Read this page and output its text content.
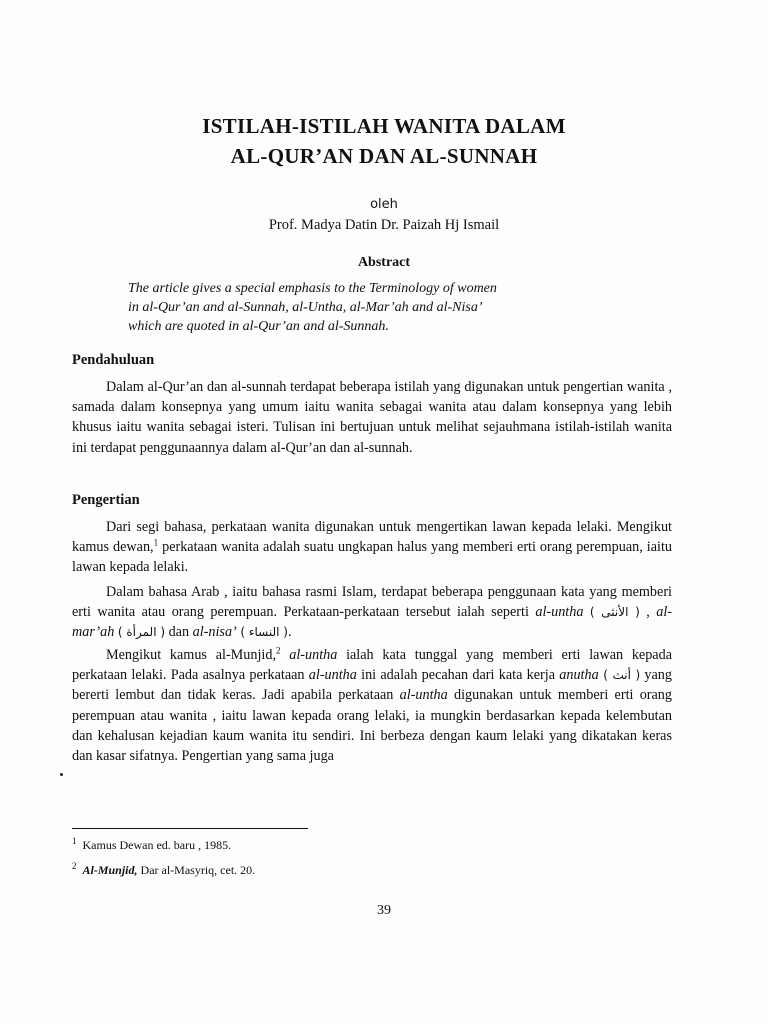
ISTILAH-ISTILAH WANITA DALAM
AL-QUR’AN DAN AL-SUNNAH

oleh

Prof. Madya Datin Dr. Paizah Hj Ismail

Abstract

The article gives a special emphasis to the Terminology of women
in al-Qur’an and al-Sunnah, al-Untha, al-Mar’ah and al-Nisa’
which are quoted in al-Qur’an and al-Sunnah.

Pendahuluan

Dalam al-Qur’an dan al-sunnah terdapat beberapa istilah yang digunakan untuk pengertian wanita , samada dalam konsepnya yang umum iaitu wanita sebagai wanita atau dalam konsepnya yang lebih khusus iaitu wanita sebagai isteri. Tulisan ini bertujuan untuk melihat sejauhmana istilah-istilah wanita ini terdapat penggunaannya dalam al-Qur’an dan al-sunnah.

Pengertian

Dari segi bahasa, perkataan wanita digunakan untuk mengertikan lawan kepada lelaki. Mengikut kamus dewan,$^1$ perkataan wanita adalah suatu ungkapan halus yang memberi erti orang perempuan, iaitu lawan kepada lelaki.

Dalam bahasa Arab , iaitu bahasa rasmi Islam, terdapat beberapa penggunaan kata yang memberi erti wanita atau orang perempuan. Perkataan-perkataan tersebut ialah seperti al-untha ( الأنثى ) , al-mar’ah ( المرأة ) dan al-nisa’ ( النساء ).

Mengikut kamus al-Munjid,$^2$ al-untha ialah kata tunggal yang memberi erti lawan kepada perkataan lelaki. Pada asalnya perkataan al-untha ini adalah pecahan dari kata kerja anutha ( أنث ) yang bererti lembut dan tidak keras. Jadi apabila perkataan al-untha digunakan untuk memberi erti orang perempuan atau wanita , iaitu lawan kepada orang lelaki, ia mungkin berdasarkan kepada kelembutan dan kehalusan kejadian kaum wanita itu sendiri. Ini berbeza dengan kaum lelaki yang dikatakan keras dan kasar sifatnya. Pengertian yang sama juga

$^1$ Kamus Dewan ed. baru , 1985.

$^2$ Al-Munjid, Dar al-Masyriq, cet. 20.

39
